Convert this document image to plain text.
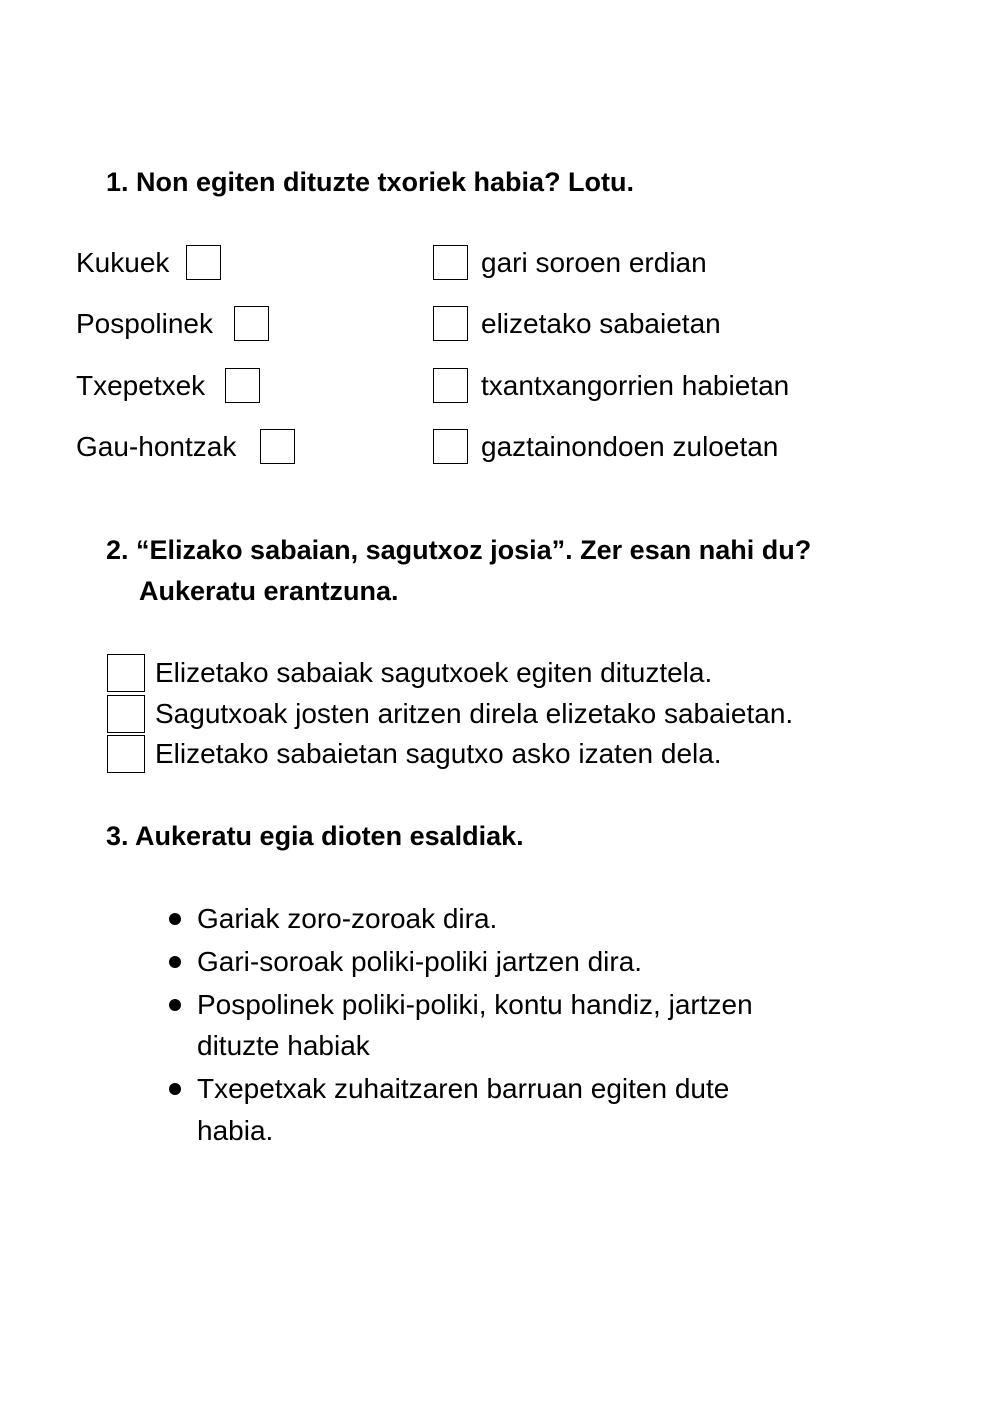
1. Non egiten dituzte txoriek habia? Lotu.
Kukuek
Pospolinek
Txepetxek
Gau-hontzak
gari soroen erdian
elizetako sabaietan
txantxangorrien habietan
gaztainondoen zuloetan
2. “Elizako sabaian, sagutxoz josia”. Zer esan nahi du?
Aukeratu erantzuna.
Elizetako sabaiak sagutxoek egiten dituztela.
Sagutxoak josten aritzen direla elizetako sabaietan.
Elizetako sabaietan sagutxo asko izaten dela.
3. Aukeratu egia dioten esaldiak.
Gariak zoro-zoroak dira.
Gari-soroak poliki-poliki jartzen dira.
Pospolinek poliki-poliki, kontu handiz, jartzen
dituzte habiak
Txepetxak zuhaitzaren barruan egiten dute
habia.
